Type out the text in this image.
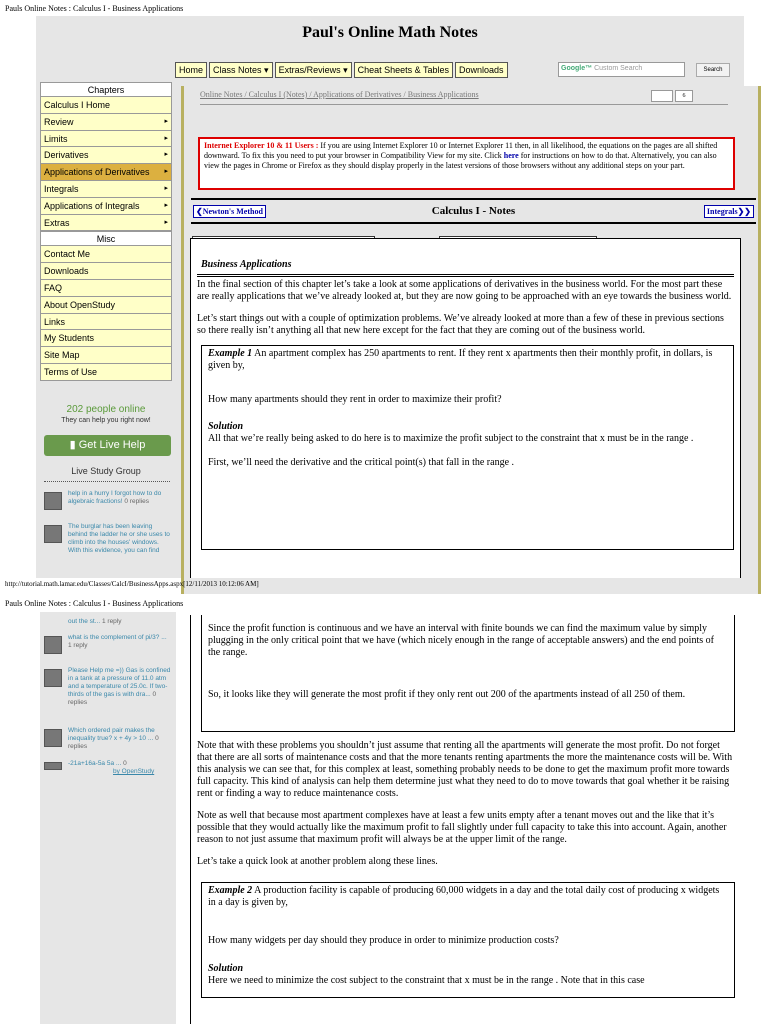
Pauls Online Notes : Calculus I - Business Applications
Paul's Online Math Notes
Home	Class Notes ▾	Extras/Reviews ▾	Cheat Sheets & Tables	Downloads	Google™ Custom Search	Search
Chapters
Calculus I Home
Review	▸
Limits	▸
Derivatives	▸
Applications of Derivatives ▸
Integrals	▸
Applications of Integrals	▸
Extras	▸
Misc
Contact Me
Downloads
FAQ
About OpenStudy
Links
My Students
Site Map
Terms of Use
202 people online
They can help you right now!
▮ Get Live Help
Live Study Group
help in a hurry I forgot how to do algebraic fractions! 0 replies
The burglar has been leaving behind the ladder he or she uses to climb into the houses' windows. With this evidence, you can find
Online Notes / Calculus I (Notes) / Applications of Derivatives / Business Applications	6
Internet Explorer 10 & 11 Users : If you are using Internet Explorer 10 or Internet Explorer 11 then, in all likelihood, the equations on the pages are all shifted downward. To fix this you need to put your browser in Compatibility View for my site. Click here for instructions on how to do that. Alternatively, you can also view the pages in Chrome or Firefox as they should display properly in the latest versions of those browsers without any additional steps on your part.
Calculus I - Notes
❮Newton's Method	Integrals❯❯
Business Applications
In the final section of this chapter let’s take a look at some applications of derivatives in the business world. For the most part these are really applications that we’ve already looked at, but they are now going to be approached with an eye towards the business world.
Let’s start things out with a couple of optimization problems. We’ve already looked at more than a few of these in previous sections so there really isn’t anything all that new here except for the fact that they are coming out of the business world.
Example 1 An apartment complex has 250 apartments to rent. If they rent x apartments then their monthly profit, in dollars, is given by,
How many apartments should they rent in order to maximize their profit?
Solution
All that we’re really being asked to do here is to maximize the profit subject to the constraint that x must be in the range .
First, we’ll need the derivative and the critical point(s) that fall in the range .
http://tutorial.math.lamar.edu/Classes/CalcI/BusinessApps.aspx[12/11/2013 10:12:06 AM]
Pauls Online Notes : Calculus I - Business Applications
out the st... 1 reply
what is the complement of pi/3? ... 1 reply
Please Help me =)) Gas is confined in a tank at a pressure of 11.0 atm and a temperature of 25.0c. If two- thirds of the gas is with dra... 0 replies
Which ordered pair makes the inequality true? x + 4y > 10 ... 0 replies
-21a+16a-5a 5a ... 0
by OpenStudy
Since the profit function is continuous and we have an interval with finite bounds we can find the maximum value by simply plugging in the only critical point that we have (which nicely enough in the range of acceptable answers) and the end points of the range.
So, it looks like they will generate the most profit if they only rent out 200 of the apartments instead of all 250 of them.
Note that with these problems you shouldn’t just assume that renting all the apartments will generate the most profit. Do not forget that there are all sorts of maintenance costs and that the more tenants renting apartments the more the maintenance costs will be. With this analysis we can see that, for this complex at least, something probably needs to be done to get the maximum profit more towards full capacity. This kind of analysis can help them determine just what they need to do to move towards that goal whether it be raising rent or finding a way to reduce maintenance costs.
Note as well that because most apartment complexes have at least a few units empty after a tenant moves out and the like that it’s possible that they would actually like the maximum profit to fall slightly under full capacity to take this into account. Again, another reason to not just assume that maximum profit will always be at the upper limit of the range.
Let’s take a quick look at another problem along these lines.
Example 2 A production facility is capable of producing 60,000 widgets in a day and the total daily cost of producing x widgets in a day is given by,
How many widgets per day should they produce in order to minimize production costs?
Solution
Here we need to minimize the cost subject to the constraint that x must be in the range . Note that in this case
